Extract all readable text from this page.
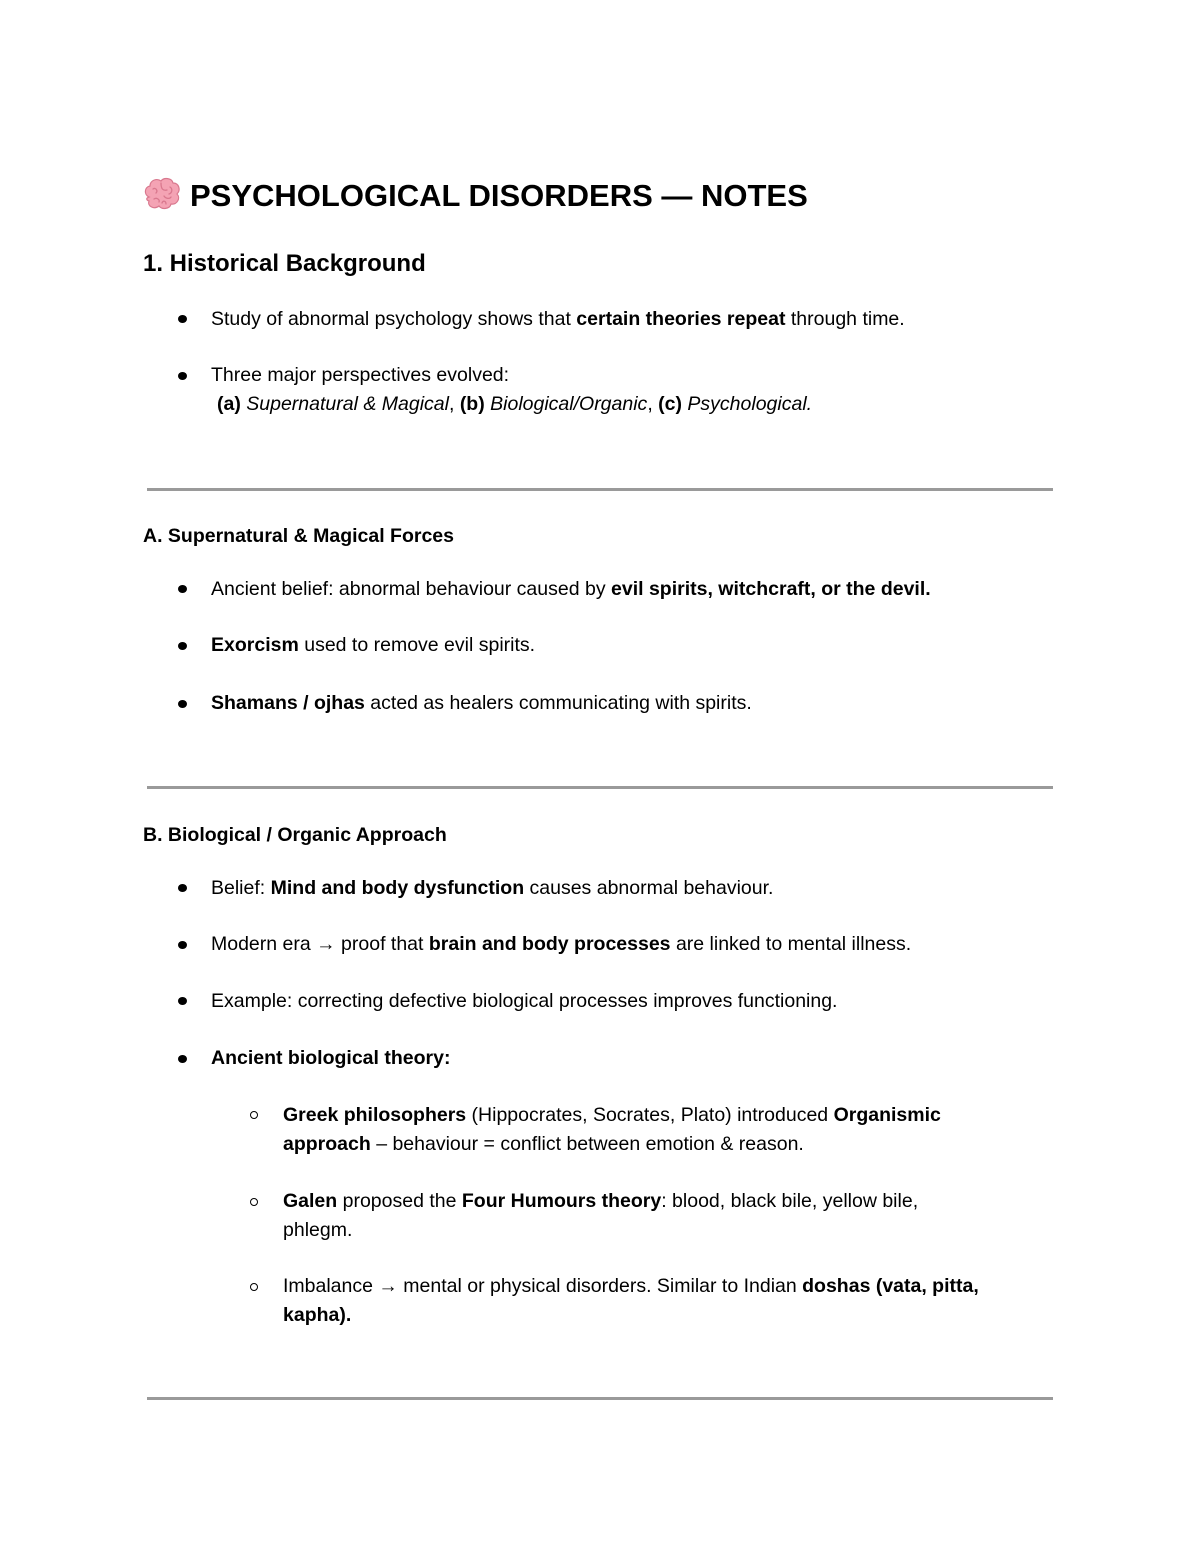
PSYCHOLOGICAL DISORDERS — NOTES
1. Historical Background
Study of abnormal psychology shows that certain theories repeat through time.
Three major perspectives evolved:
(a) Supernatural & Magical, (b) Biological/Organic, (c) Psychological.
A. Supernatural & Magical Forces
Ancient belief: abnormal behaviour caused by evil spirits, witchcraft, or the devil.
Exorcism used to remove evil spirits.
Shamans / ojhas acted as healers communicating with spirits.
B. Biological / Organic Approach
Belief: Mind and body dysfunction causes abnormal behaviour.
Modern era → proof that brain and body processes are linked to mental illness.
Example: correcting defective biological processes improves functioning.
Ancient biological theory:
Greek philosophers (Hippocrates, Socrates, Plato) introduced Organismic
approach – behaviour = conflict between emotion & reason.
Galen proposed the Four Humours theory: blood, black bile, yellow bile,
phlegm.
Imbalance → mental or physical disorders. Similar to Indian doshas (vata, pitta,
kapha).
